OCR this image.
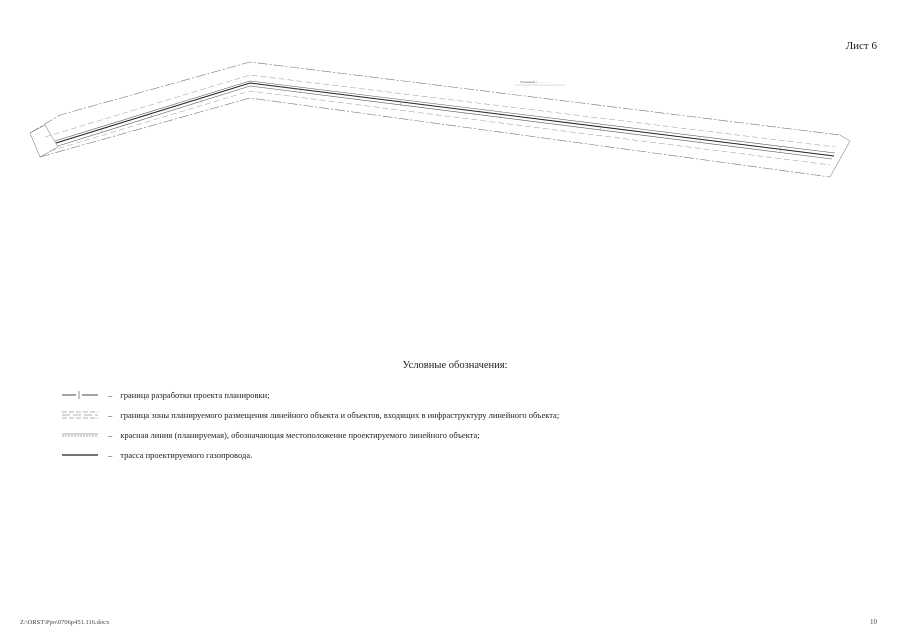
Лист 6
Тупиковый / ......... ......
Условные обозначения:
– граница разработки проекта планировки;
– граница зоны планируемого размещения линейного объекта и объектов, входящих в инфраструктуру линейного объекта;
– красная линия (планируемая), обозначающая местоположение проектируемого линейного объекта;
– трасса проектируемого газопровода.
Z:\ORST\Ppo\0706p451.116.docx	10
